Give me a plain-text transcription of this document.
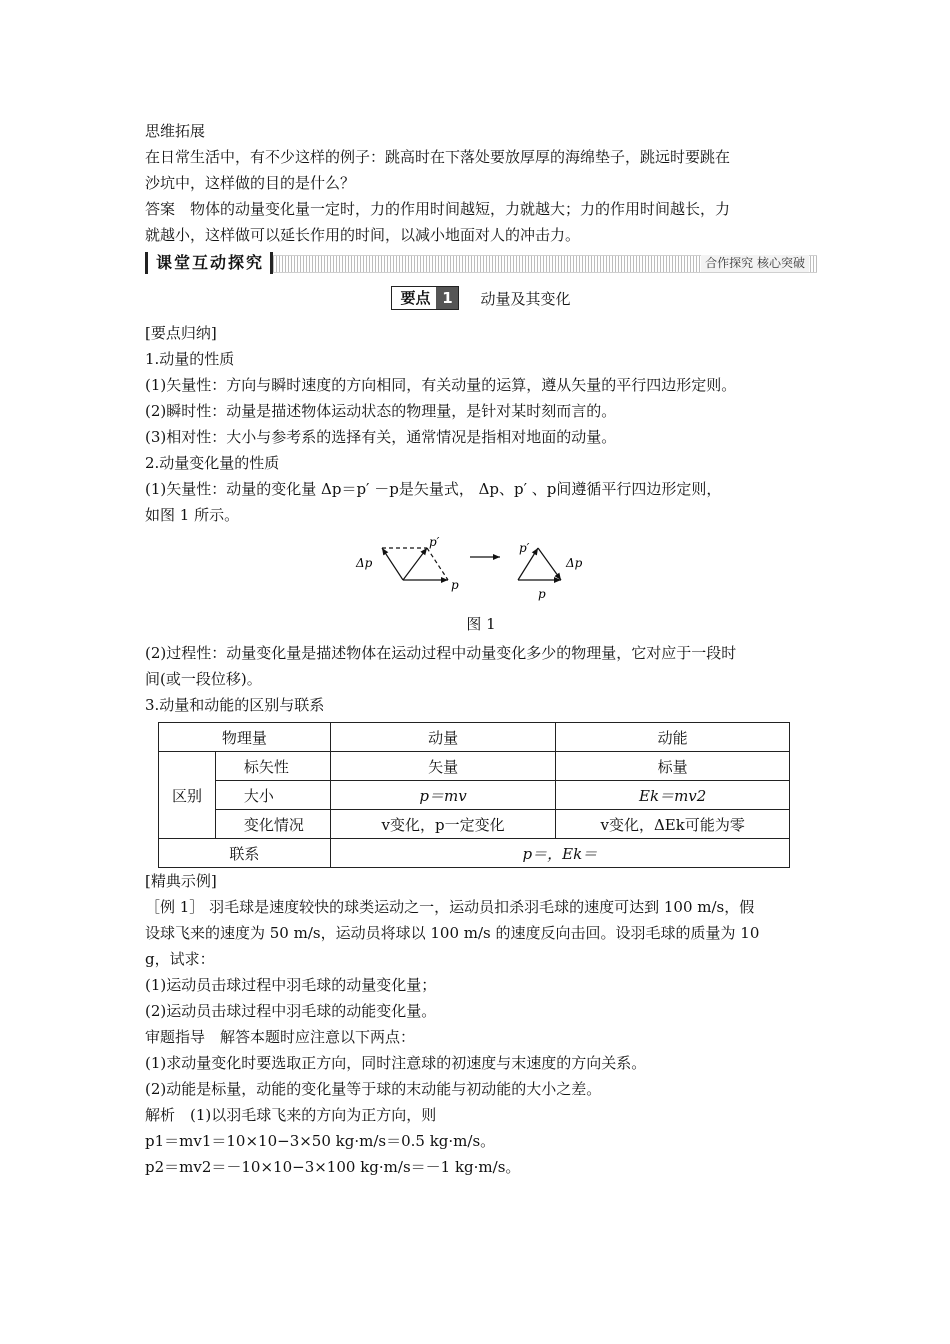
思维拓展
在日常生活中，有不少这样的例子：跳高时在下落处要放厚厚的海绵垫子，跳远时要跳在
沙坑中，这样做的目的是什么？
答案　物体的动量变化量一定时，力的作用时间越短，力就越大；力的作用时间越长，力
就越小，这样做可以延长作用的时间，以减小地面对人的冲击力。
课堂互动探究	合作探究 核心突破
要点 1 动量及其变化
[要点归纳]
1.动量的性质
(1)矢量性：方向与瞬时速度的方向相同，有关动量的运算，遵从矢量的平行四边形定则。
(2)瞬时性：动量是描述物体运动状态的物理量，是针对某时刻而言的。
(3)相对性：大小与参考系的选择有关，通常情况是指相对地面的动量。
2.动量变化量的性质
(1)矢量性：动量的变化量 Δp＝p′ －p是矢量式， Δp、p′ 、p间遵循平行四边形定则，
如图 1 所示。
Δp
p′
p
p′
Δp
p
图 1
(2)过程性：动量变化量是描述物体在运动过程中动量变化多少的物理量，它对应于一段时
间(或一段位移)。
3.动量和动能的区别与联系
物理量		动量	动能
区别	标矢性	矢量	标量
	大小	p＝mv	Ek＝mv2
	变化情况	v变化，p一定变化	v变化，ΔEk可能为零
联系		p＝，Ek＝	
[精典示例]
［例 1］ 羽毛球是速度较快的球类运动之一，运动员扣杀羽毛球的速度可达到 100 m/s，假
设球飞来的速度为 50 m/s，运动员将球以 100 m/s 的速度反向击回。设羽毛球的质量为 10
g，试求：
(1)运动员击球过程中羽毛球的动量变化量；
(2)运动员击球过程中羽毛球的动能变化量。
审题指导　解答本题时应注意以下两点：
(1)求动量变化时要选取正方向，同时注意球的初速度与末速度的方向关系。
(2)动能是标量，动能的变化量等于球的末动能与初动能的大小之差。
解析　(1)以羽毛球飞来的方向为正方向，则
p1＝mv1＝10×10−3×50 kg·m/s＝0.5 kg·m/s。
p2＝mv2＝－10×10−3×100 kg·m/s＝－1 kg·m/s。
